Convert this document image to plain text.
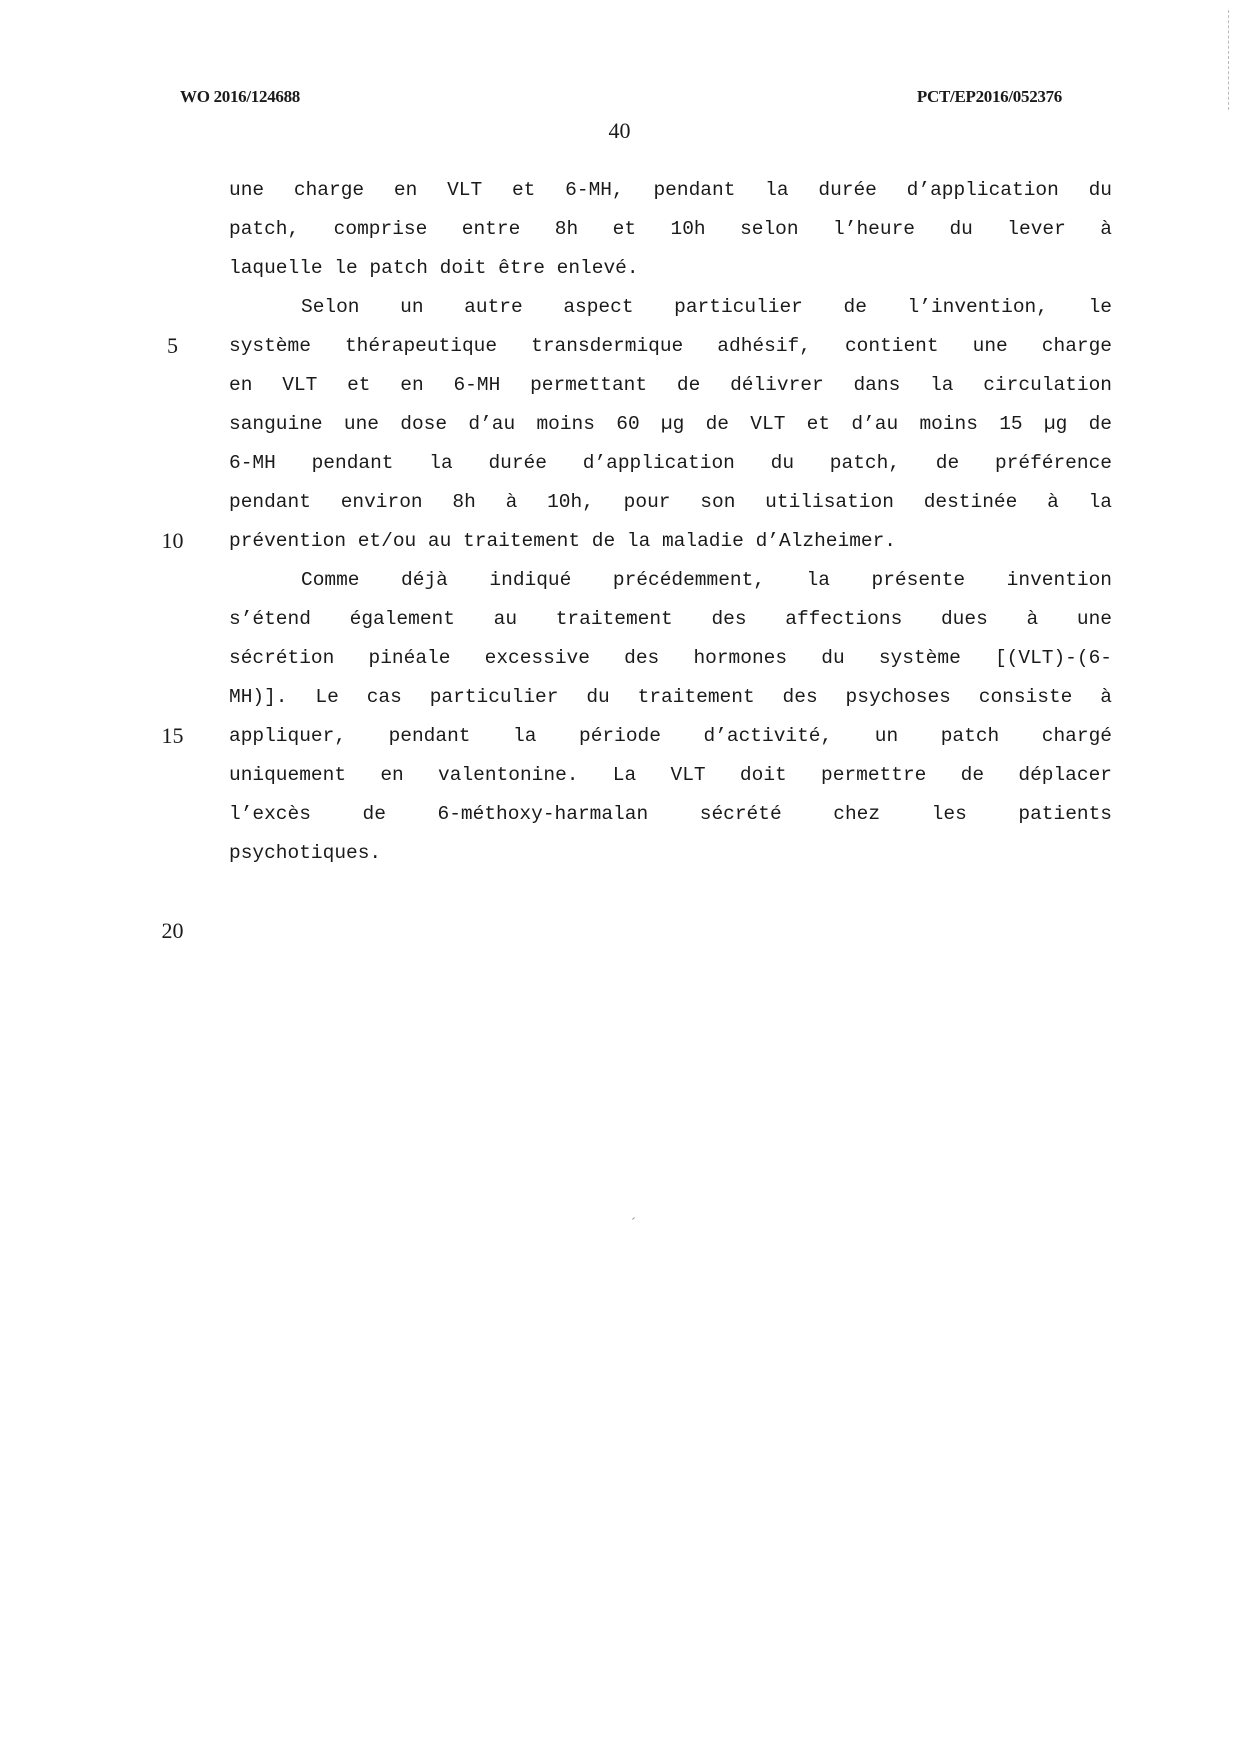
WO 2016/124688	PCT/EP2016/052376
40
une charge en VLT et 6-MH, pendant la durée d’application du
patch, comprise entre 8h et 10h selon l’heure du lever à
laquelle le patch doit être enlevé.
Selon un autre aspect particulier de l’invention, le
système thérapeutique transdermique adhésif, contient une charge
en VLT et en 6-MH permettant de délivrer dans la circulation
sanguine une dose d’au moins 60 µg de VLT et d’au moins 15 µg de
6-MH pendant la durée d’application du patch, de préférence
pendant environ 8h à 10h, pour son utilisation destinée à la
prévention et/ou au traitement de la maladie d’Alzheimer.
Comme déjà indiqué précédemment, la présente invention
s’étend également au traitement des affections dues à une
sécrétion pinéale excessive des hormones du système [(VLT)-(6-
MH)]. Le cas particulier du traitement des psychoses consiste à
appliquer, pendant la période d’activité, un patch chargé
uniquement en valentonine. La VLT doit permettre de déplacer
l’excès de 6-méthoxy-harmalan sécrété chez les patients
psychotiques.
5
10
15
20
